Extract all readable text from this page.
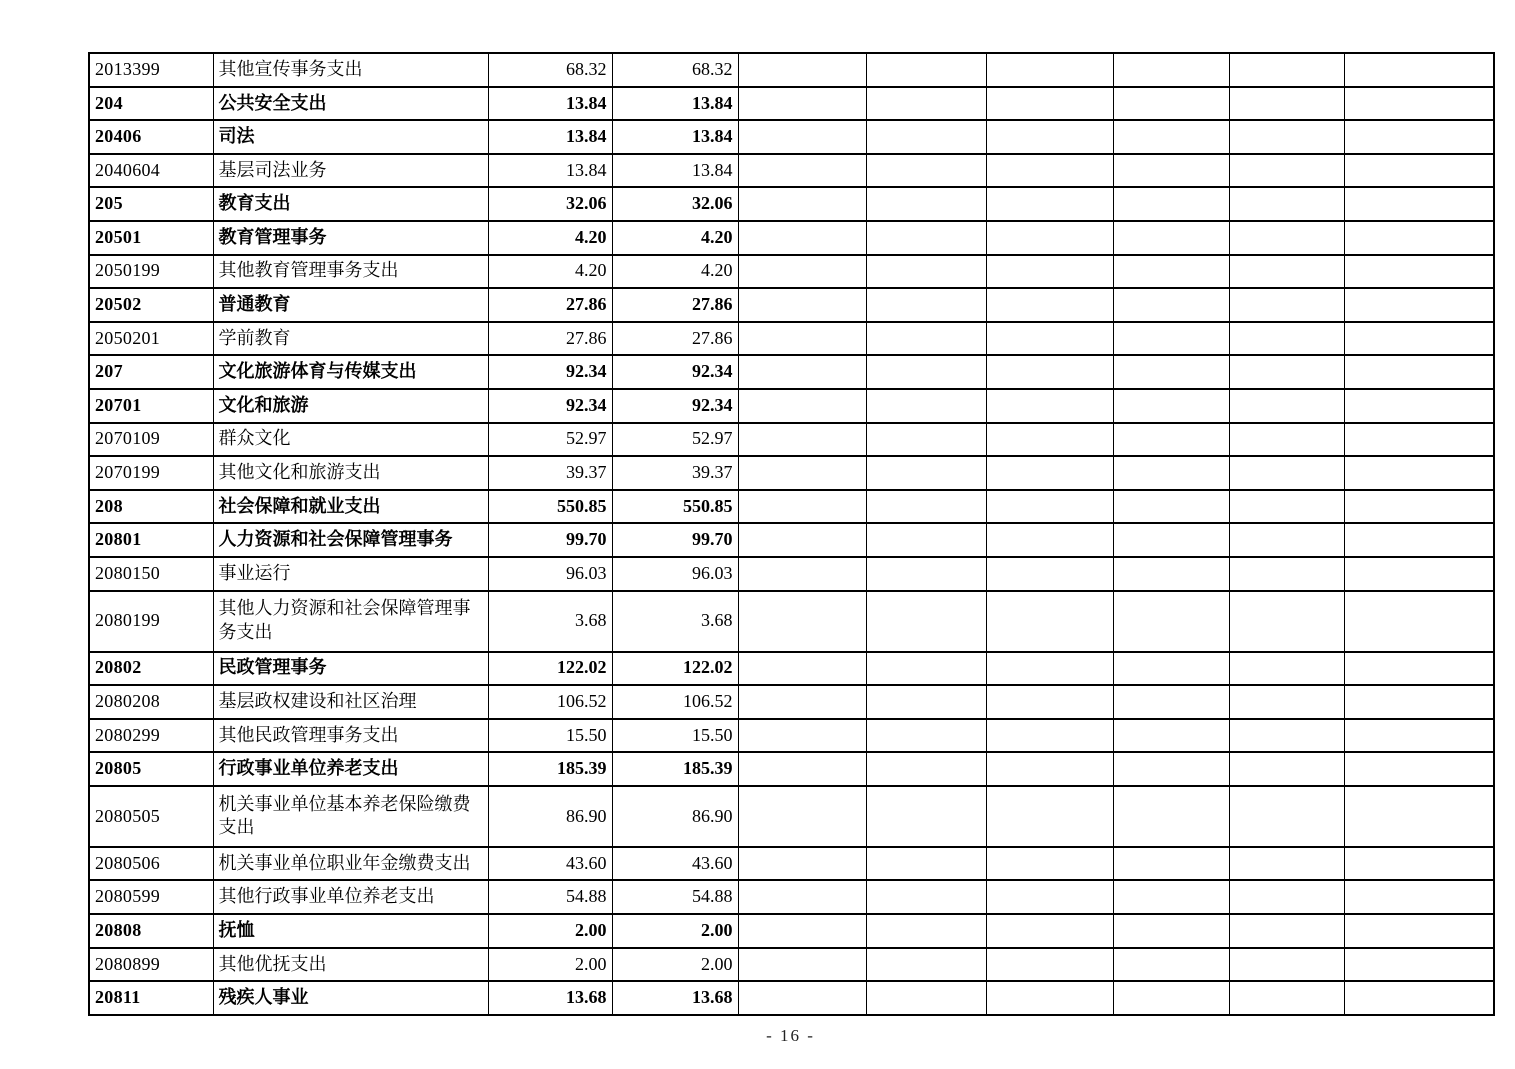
2013399	其他宣传事务支出	68.32	68.32						
204	公共安全支出	13.84	13.84						
20406	司法	13.84	13.84						
2040604	基层司法业务	13.84	13.84						
205	教育支出	32.06	32.06						
20501	教育管理事务	4.20	4.20						
2050199	其他教育管理事务支出	4.20	4.20						
20502	普通教育	27.86	27.86						
2050201	学前教育	27.86	27.86						
207	文化旅游体育与传媒支出	92.34	92.34						
20701	文化和旅游	92.34	92.34						
2070109	群众文化	52.97	52.97						
2070199	其他文化和旅游支出	39.37	39.37						
208	社会保障和就业支出	550.85	550.85						
20801	人力资源和社会保障管理事务	99.70	99.70						
2080150	事业运行	96.03	96.03						
2080199	其他人力资源和社会保障管理事务支出	3.68	3.68						
20802	民政管理事务	122.02	122.02						
2080208	基层政权建设和社区治理	106.52	106.52						
2080299	其他民政管理事务支出	15.50	15.50						
20805	行政事业单位养老支出	185.39	185.39						
2080505	机关事业单位基本养老保险缴费支出	86.90	86.90						
2080506	机关事业单位职业年金缴费支出	43.60	43.60						
2080599	其他行政事业单位养老支出	54.88	54.88						
20808	抚恤	2.00	2.00						
2080899	其他优抚支出	2.00	2.00						
20811	残疾人事业	13.68	13.68						
- 16 -
